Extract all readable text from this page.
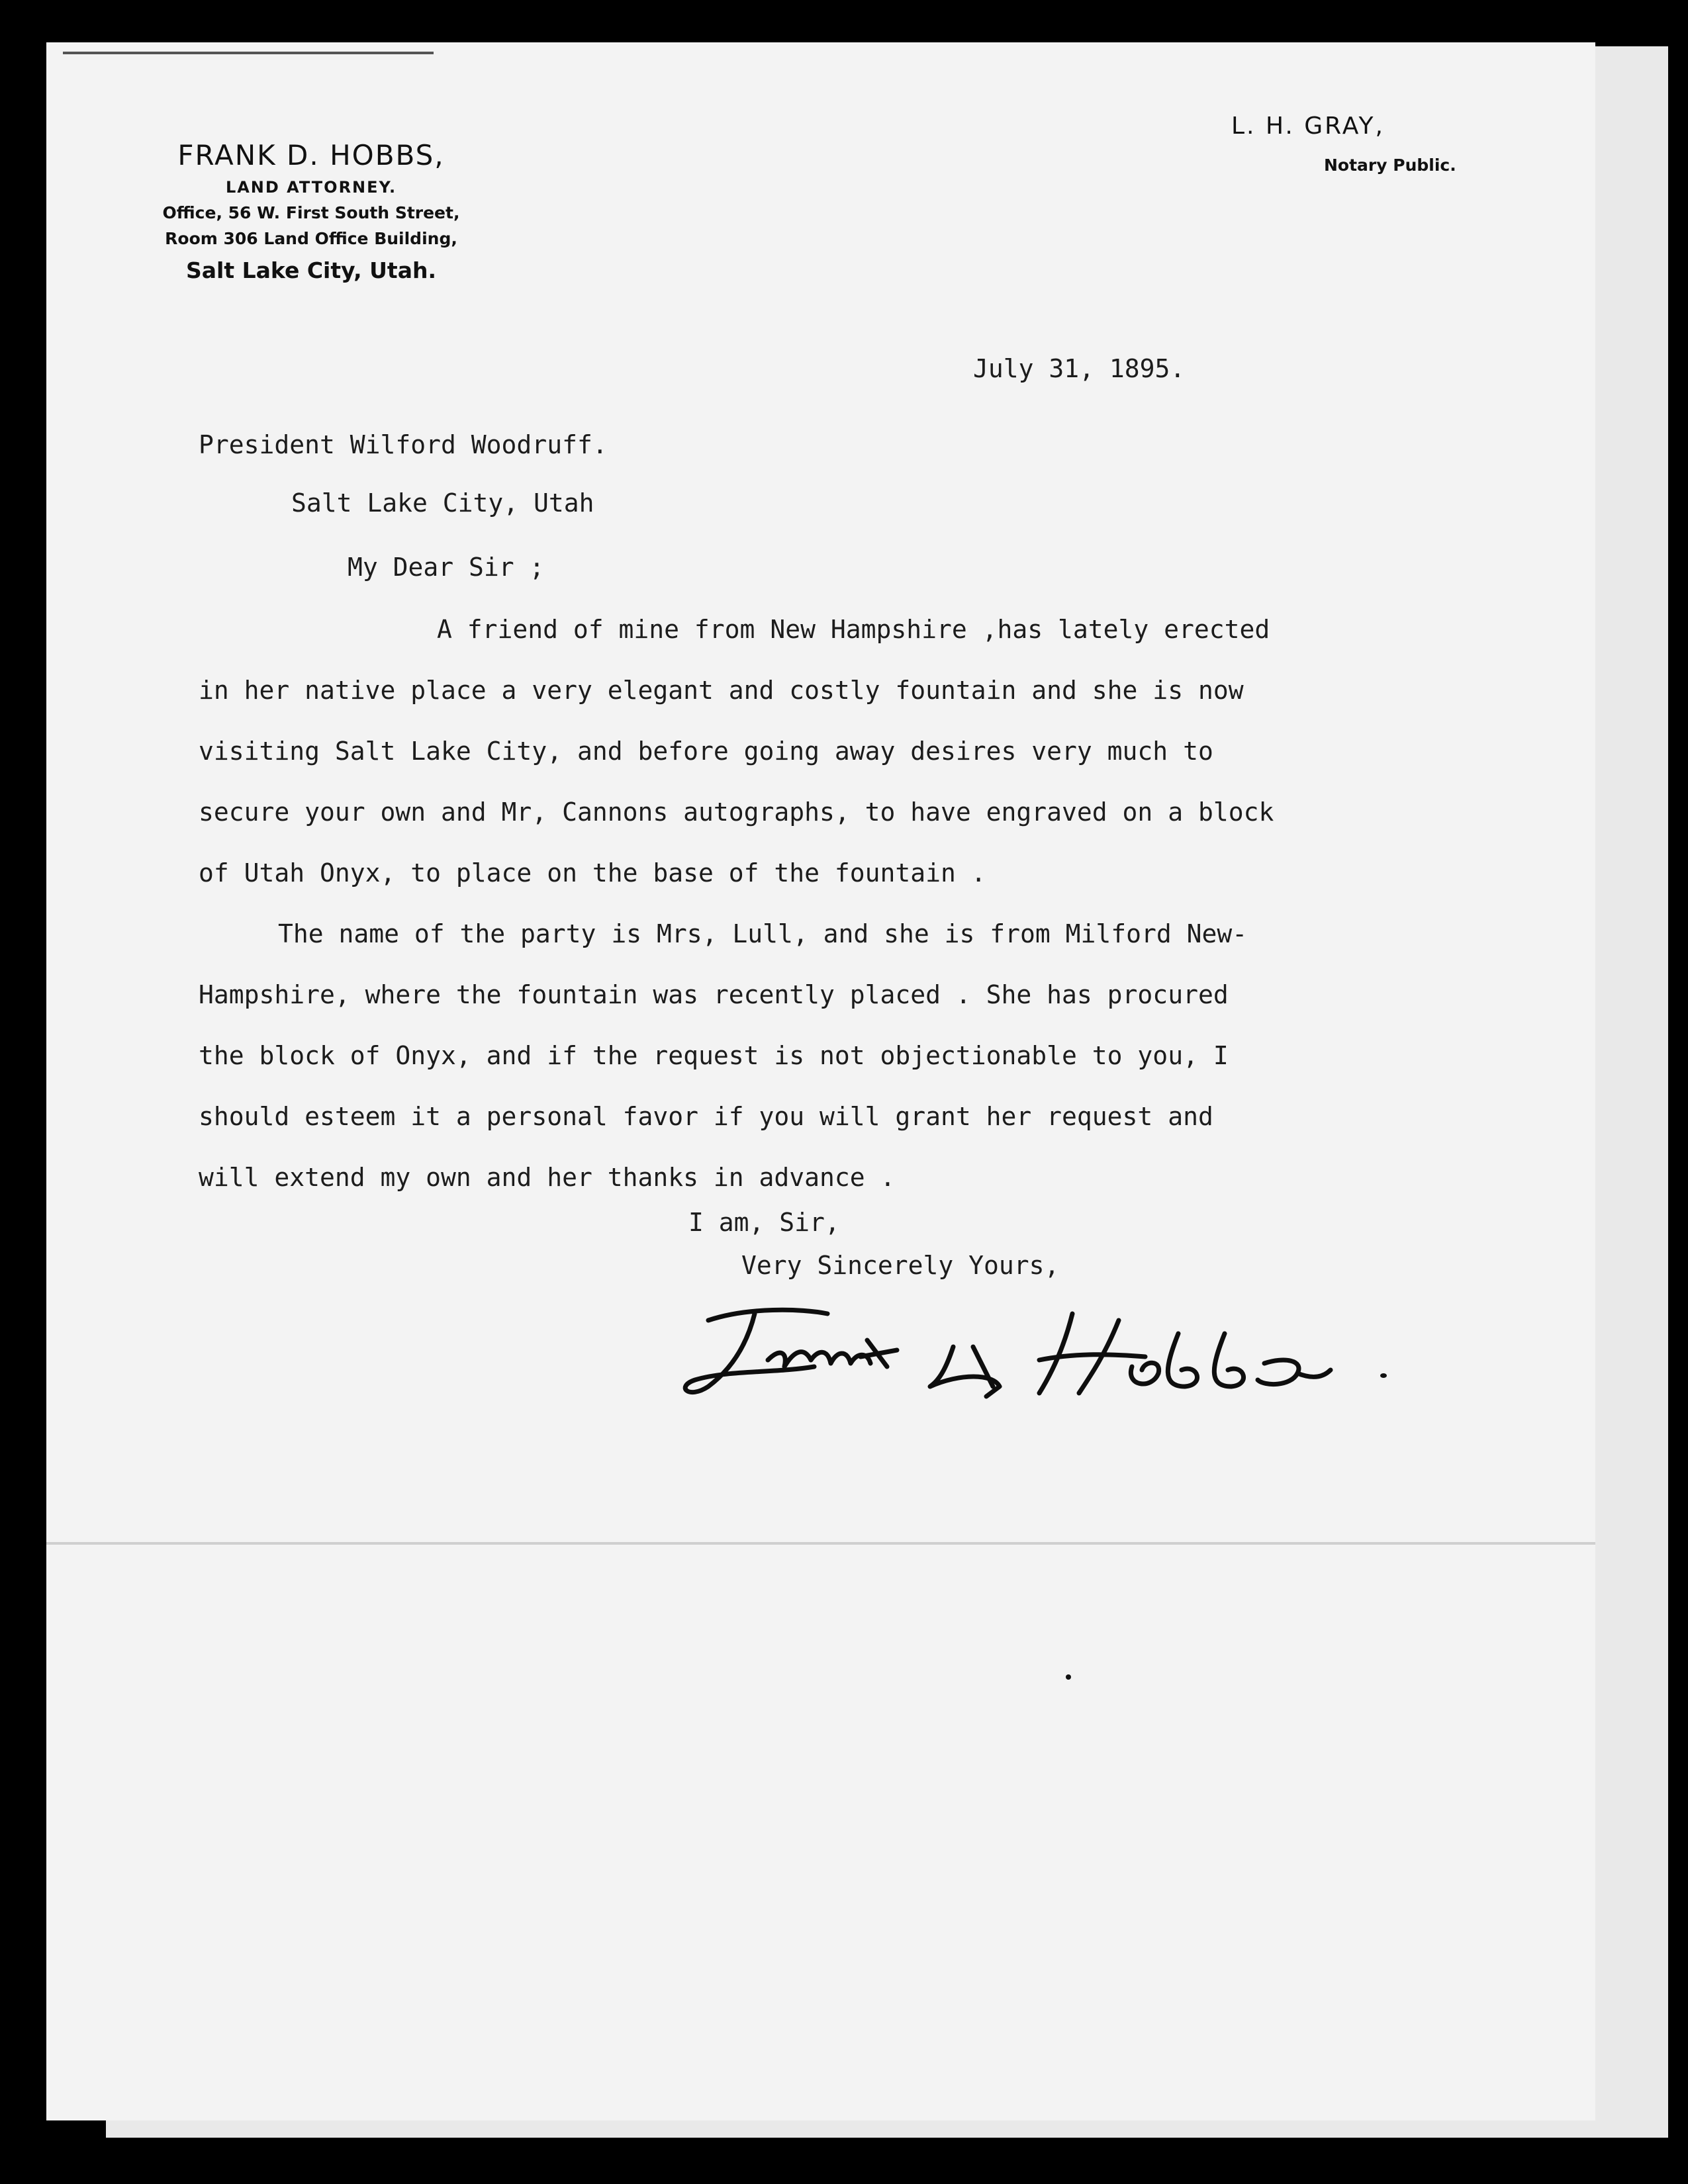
FRANK D. HOBBS,
LAND ATTORNEY.
Office, 56 W. First South Street,
Room 306 Land Office Building,
Salt Lake City, Utah.
L. H. GRAY,
Notary Public.
July 31, 1895.
President Wilford Woodruff.
Salt Lake City, Utah
My Dear Sir ;
A friend of mine from New Hampshire ,has lately erected
in her native place a very elegant and costly fountain and she is now
visiting Salt Lake City, and before going away desires very much to
secure your own and Mr, Cannons autographs, to have engraved on a block
of Utah Onyx, to place on the base of the fountain .
The name of the party is Mrs, Lull, and she is from Milford New-
Hampshire, where the fountain was recently placed . She has procured
the block of Onyx, and if the request is not objectionable to you, I
should esteem it a personal favor if you will grant her request and
will extend my own and her thanks in advance .
I am, Sir,
Very Sincerely Yours,
